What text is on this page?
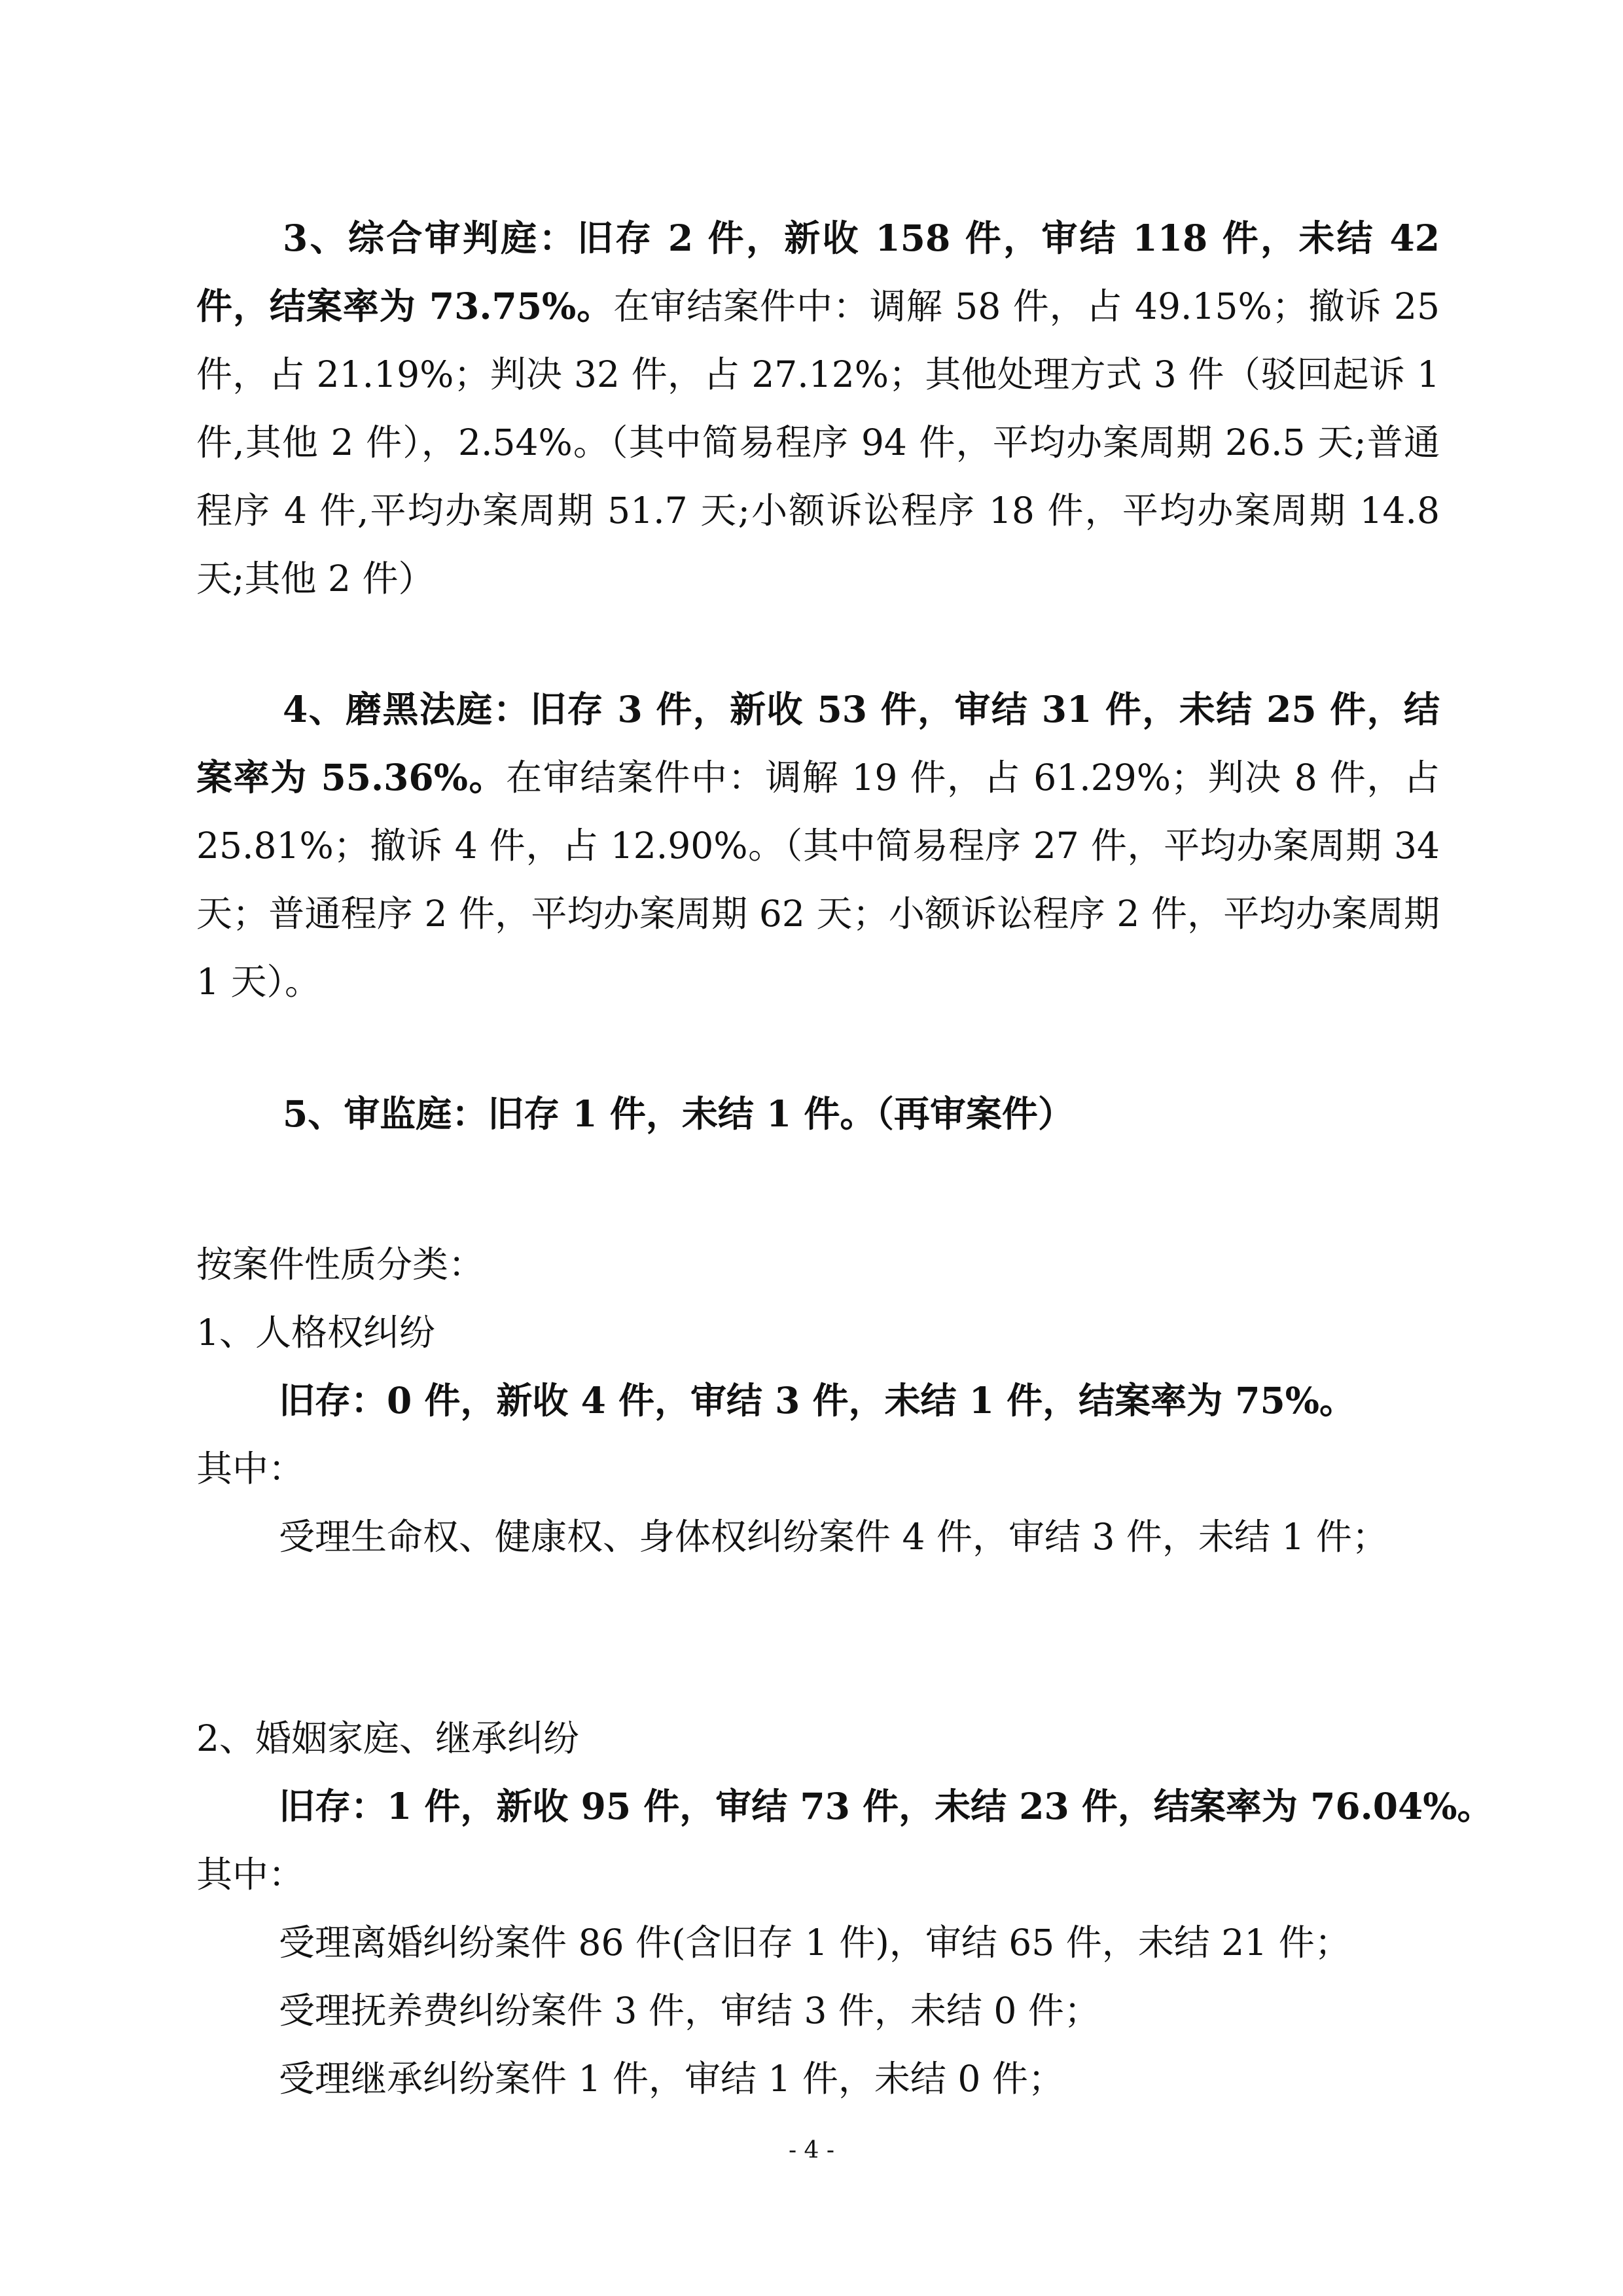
3、综合审判庭：旧存 2 件，新收 158 件，审结 118 件，未结 42 件，结案率为 73.75%。在审结案件中：调解 58 件，占 49.15%；撤诉 25 件，占 21.19%；判决 32 件，占 27.12%；其他处理方式 3 件（驳回起诉 1 件,其他 2 件），2.54%。（其中简易程序 94 件，平均办案周期 26.5 天;普通程序 4 件,平均办案周期 51.7 天;小额诉讼程序 18 件，平均办案周期 14.8 天;其他 2 件）

4、磨黑法庭：旧存 3 件，新收 53 件，审结 31 件，未结 25 件，结案率为 55.36%。在审结案件中：调解 19 件，占 61.29%；判决 8 件，占 25.81%；撤诉 4 件，占 12.90%。（其中简易程序 27 件，平均办案周期 34 天；普通程序 2 件，平均办案周期 62 天；小额诉讼程序 2 件，平均办案周期 1 天）。

5、审监庭：旧存 1 件，未结 1 件。（再审案件）

按案件性质分类：
1、人格权纠纷
旧存：0 件，新收 4 件，审结 3 件，未结 1 件，结案率为 75%。
其中：

受理生命权、健康权、身体权纠纷案件 4 件，审结 3 件，未结 1 件；

2、婚姻家庭、继承纠纷
旧存：1 件，新收 95 件，审结 73 件，未结 23 件，结案率为 76.04%。
其中：
受理离婚纠纷案件 86 件(含旧存 1 件)，审结 65 件，未结 21 件；
受理抚养费纠纷案件 3 件，审结 3 件，未结 0 件；
受理继承纠纷案件 1 件，审结 1 件，未结 0 件；
- 4 -
